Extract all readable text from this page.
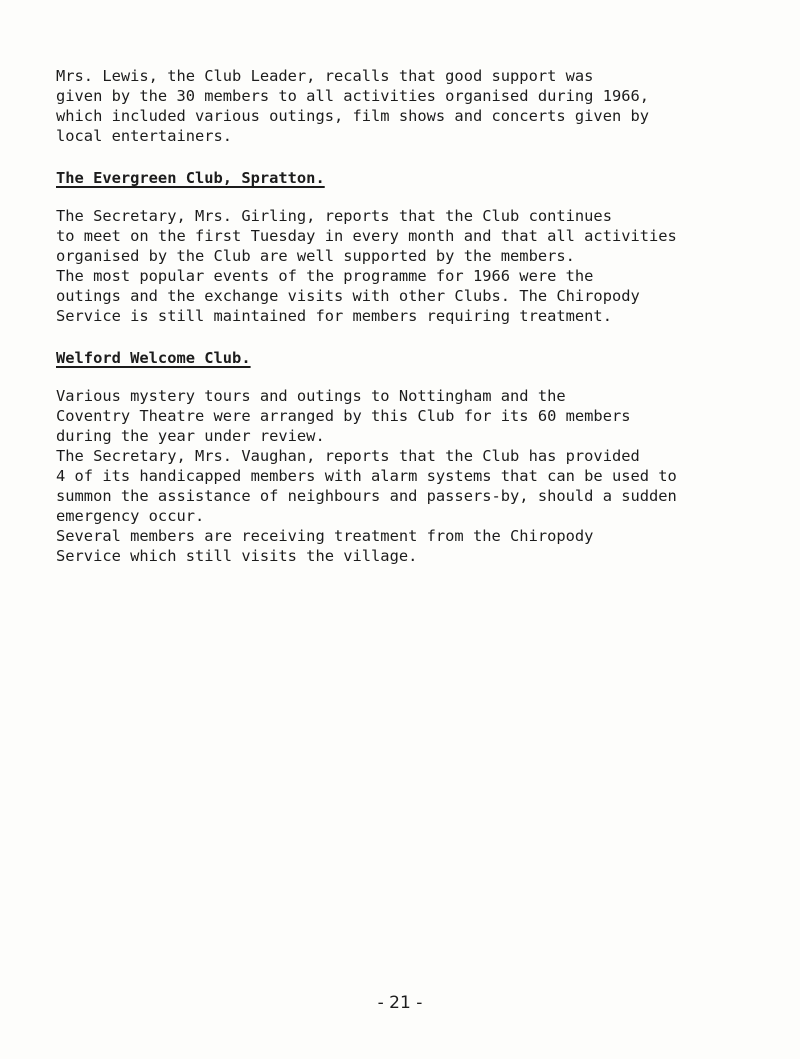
Mrs. Lewis, the Club Leader, recalls that good support was
given by the 30 members to all activities organised during 1966,
which included various outings, film shows and concerts given by
local entertainers.

The Evergreen Club, Spratton.

The Secretary, Mrs. Girling, reports that the Club continues
to meet on the first Tuesday in every month and that all activities
organised by the Club are well supported by the members.
The most popular events of the programme for 1966 were the
outings and the exchange visits with other Clubs. The Chiropody
Service is still maintained for members requiring treatment.

Welford Welcome Club.

Various mystery tours and outings to Nottingham and the
Coventry Theatre were arranged by this Club for its 60 members
during the year under review.
The Secretary, Mrs. Vaughan, reports that the Club has provided
4 of its handicapped members with alarm systems that can be used to
summon the assistance of neighbours and passers-by, should a sudden
emergency occur.
Several members are receiving treatment from the Chiropody
Service which still visits the village.

- 21 -
